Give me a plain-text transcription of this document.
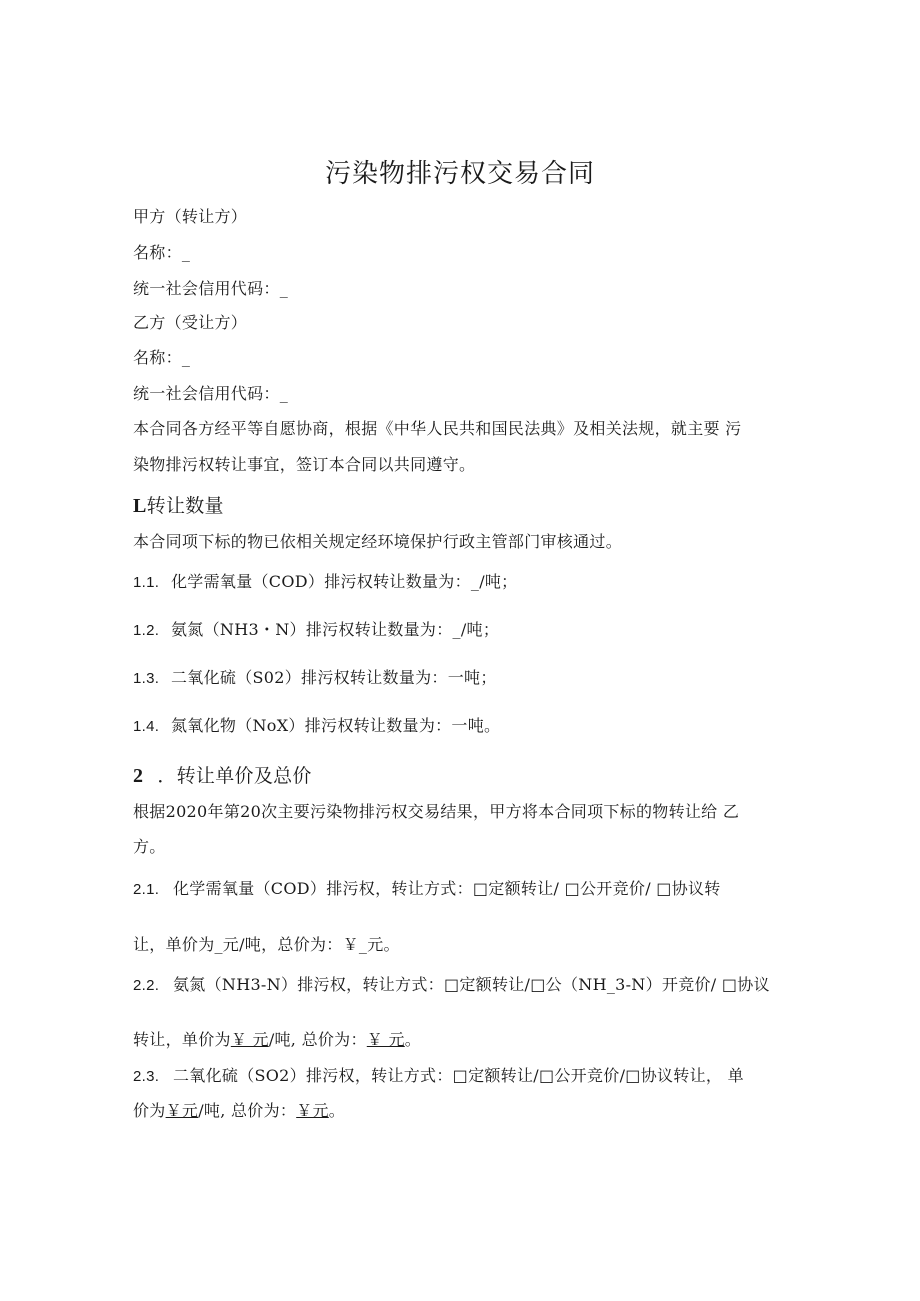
污染物排污权交易合同
甲方（转让方）
名称：_
统一社会信用代码：_
乙方（受让方）
名称：_
统一社会信用代码：_
本合同各方经平等自愿协商，根据《中华人民共和国民法典》及相关法规，就主要 污
染物排污权转让事宜，签订本合同以共同遵守。
L转让数量
本合同项下标的物已依相关规定经环境保护行政主管部门审核通过。
1.1. 化学需氧量（COD）排污权转让数量为：_/吨；
1.2. 氨氮（NH3・N）排污权转让数量为：_/吨；
1.3. 二氧化硫（S02）排污权转让数量为：一吨；
1.4. 氮氧化物（NoX）排污权转让数量为：一吨。
2 ．转让单价及总价
根据2020年第20次主要污染物排污权交易结果，甲方将本合同项下标的物转让给 乙
方。
2.1. 化学需氧量（COD）排污权，转让方式：□定额转让/ □公开竞价/ □协议转
让，单价为_元/吨，总价为：￥_元。
2.2. 氨氮（NH3-N）排污权，转让方式：□定额转让/□公（NH_3-N）开竞价/ □协议
转让，单价为￥ 元/吨, 总价为：￥ 元。
2.3. 二氧化硫（SO2）排污权，转让方式：□定额转让/□公开竞价/□协议转让， 单
价为￥元/吨, 总价为：￥元。
